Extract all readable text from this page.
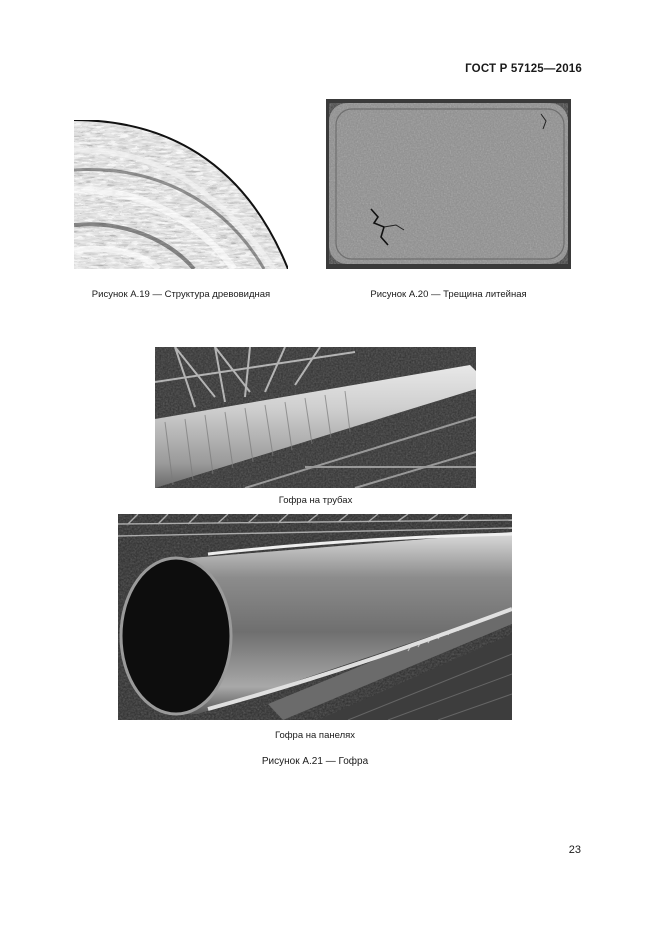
ГОСТ Р 57125—2016
Рисунок А.19 — Структура древовидная	Рисунок А.20 — Трещина литейная
Гофра на трубах
Гофра на панелях
Рисунок А.21 — Гофра
23
